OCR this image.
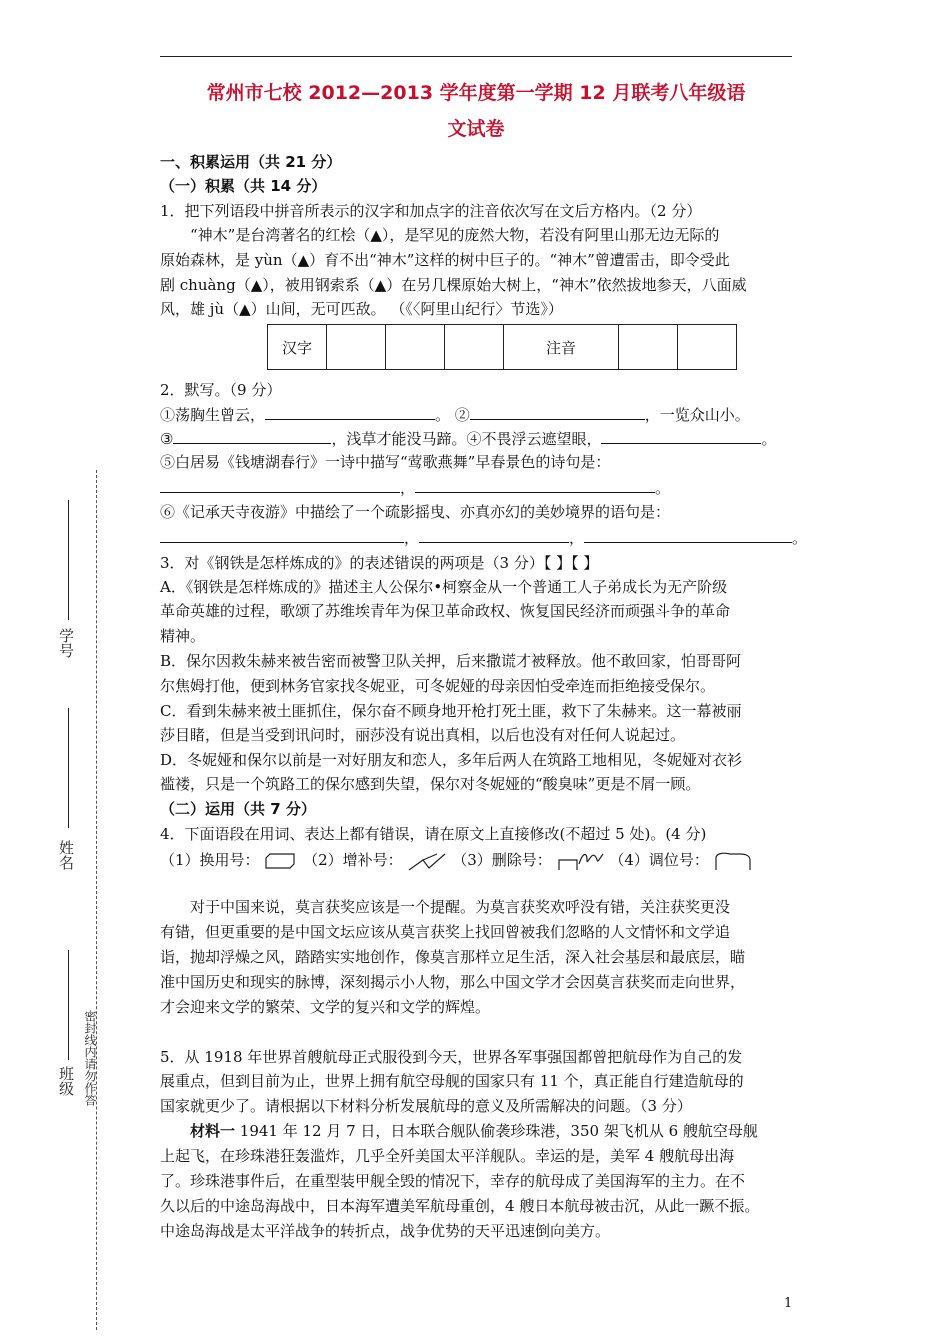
常州市七校 2012—2013 学年度第一学期 12 月联考八年级语
文试卷
一、积累运用（共 21 分）
（一）积累（共 14 分）
1．把下列语段中拼音所表示的汉字和加点字的注音依次写在文后方格内。（2 分）
“神木”是台湾著名的红桧（▲），是罕见的庞然大物，若没有阿里山那无边无际的
原始森林，是 yùn（▲）育不出“神木”这样的树中巨子的。“神木”曾遭雷击，即令受此
剧 chuàng（▲），被用钢索系（▲）在另几棵原始大树上，“神木”依然拔地参天，八面威
风，雄 jù（▲）山间，无可匹敌。 （《〈阿里山纪行〉节选》）
汉字				注音		
2．默写。（9 分）
①荡胸生曾云，	。 ②	，一览众山小。
③	，浅草才能没马蹄。④不畏浮云遮望眼，	。
⑤白居易《钱塘湖春行》一诗中描写“莺歌燕舞”早春景色的诗句是：
，	。
⑥《记承天寺夜游》中描绘了一个疏影摇曳、亦真亦幻的美妙境界的语句是：
，	，	。
3．对《钢铁是怎样炼成的》的表述错误的两项是（3 分）【 】【 】
A．《钢铁是怎样炼成的》描述主人公保尔•柯察金从一个普通工人子弟成长为无产阶级
革命英雄的过程，歌颂了苏维埃青年为保卫革命政权、恢复国民经济而顽强斗争的革命
精神。
B．保尔因救朱赫来被告密而被警卫队关押，后来撒谎才被释放。他不敢回家，怕哥哥阿
尔焦姆打他，便到林务官家找冬妮亚，可冬妮娅的母亲因怕受牵连而拒绝接受保尔。
C．看到朱赫来被土匪抓住，保尔奋不顾身地开枪打死土匪，救下了朱赫来。这一幕被丽
莎目睹，但是当受到讯问时，丽莎没有说出真相，以后也没有对任何人说起过。
D．冬妮娅和保尔以前是一对好朋友和恋人，多年后两人在筑路工地相见，冬妮娅对衣衫
褴褛，只是一个筑路工的保尔感到失望，保尔对冬妮娅的“酸臭味”更是不屑一顾。
（二）运用（共 7 分）
4．下面语段在用词、表达上都有错误，请在原文上直接修改(不超过 5 处)。(4 分)
（1）换用号：	（2）增补号：	（3）删除号：	（4）调位号：
对于中国来说，莫言获奖应该是一个提醒。为莫言获奖欢呼没有错，关注获奖更没
有错，但更重要的是中国文坛应该从莫言获奖上找回曾被我们忽略的人文情怀和文学追
诣，抛却浮燥之风，踏踏实实地创作，像莫言那样立足生活，深入社会基层和最底层，瞄
准中国历史和现实的脉博，深刻揭示小人物，那么中国文学才会因莫言获奖而走向世界，
才会迎来文学的繁荣、文学的复兴和文学的辉煌。
5．从 1918 年世界首艘航母正式服役到今天，世界各军事强国都曾把航母作为自己的发
展重点，但到目前为止，世界上拥有航空母舰的国家只有 11 个，真正能自行建造航母的
国家就更少了。请根据以下材料分析发展航母的意义及所需解决的问题。（3 分）
材料一 1941 年 12 月 7 日，日本联合舰队偷袭珍珠港，350 架飞机从 6 艘航空母舰
上起飞，在珍珠港狂轰滥炸，几乎全歼美国太平洋舰队。幸运的是，美军 4 艘航母出海
了。珍珠港事件后，在重型装甲舰全毁的情况下，幸存的航母成了美国海军的主力。在不
久以后的中途岛海战中，日本海军遭美军航母重创，4 艘日本航母被击沉，从此一蹶不振。
中途岛海战是太平洋战争的转折点，战争优势的天平迅速倒向美方。
学号
姓名
班级 密封线内请勿作答
1
